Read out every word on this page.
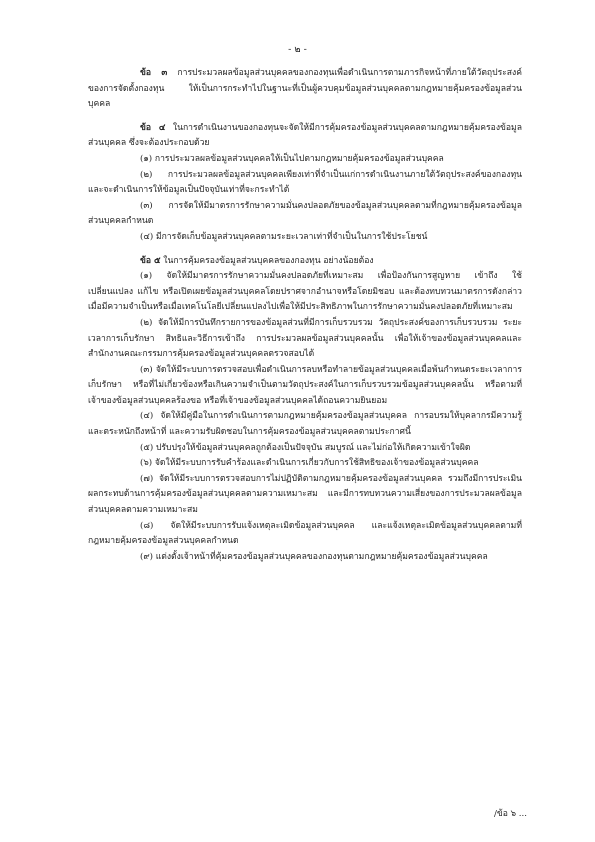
- ๒ -

ข้อ ๓ การประมวลผลข้อมูลส่วนบุคคลของกองทุนเพื่อดำเนินการตามภารกิจหน้าที่ภายใต้วัตถุประสงค์ของการจัดตั้งกองทุน ให้เป็นการกระทำไปในฐานะที่เป็นผู้ควบคุมข้อมูลส่วนบุคคลตามกฎหมายคุ้มครองข้อมูลส่วนบุคคล

ข้อ ๔ ในการดำเนินงานของกองทุนจะจัดให้มีการคุ้มครองข้อมูลส่วนบุคคลตามกฎหมายคุ้มครองข้อมูลส่วนบุคคล ซึ่งจะต้องประกอบด้วย

(๑) การประมวลผลข้อมูลส่วนบุคคลให้เป็นไปตามกฎหมายคุ้มครองข้อมูลส่วนบุคคล

(๒) การประมวลผลข้อมูลส่วนบุคคลเพียงเท่าที่จำเป็นแก่การดำเนินงานภายใต้วัตถุประสงค์ของกองทุน และจะดำเนินการให้ข้อมูลเป็นปัจจุบันเท่าที่จะกระทำได้

(๓) การจัดให้มีมาตรการรักษาความมั่นคงปลอดภัยของข้อมูลส่วนบุคคลตามที่กฎหมายคุ้มครองข้อมูลส่วนบุคคลกำหนด

(๔) มีการจัดเก็บข้อมูลส่วนบุคคลตามระยะเวลาเท่าที่จำเป็นในการใช้ประโยชน์

ข้อ ๕ ในการคุ้มครองข้อมูลส่วนบุคคลของกองทุน อย่างน้อยต้อง

(๑) จัดให้มีมาตรการรักษาความมั่นคงปลอดภัยที่เหมาะสม เพื่อป้องกันการสูญหาย เข้าถึง ใช้ เปลี่ยนแปลง แก้ไข หรือเปิดเผยข้อมูลส่วนบุคคลโดยปราศจากอำนาจหรือโดยมิชอบ และต้องทบทวนมาตรการดังกล่าวเมื่อมีความจำเป็นหรือเมื่อเทคโนโลยีเปลี่ยนแปลงไปเพื่อให้มีประสิทธิภาพในการรักษาความมั่นคงปลอดภัยที่เหมาะสม

(๒) จัดให้มีการบันทึกรายการของข้อมูลส่วนที่มีการเก็บรวบรวม วัตถุประสงค์ของการเก็บรวบรวม ระยะเวลาการเก็บรักษา สิทธิและวิธีการเข้าถึง การประมวลผลข้อมูลส่วนบุคคลนั้น เพื่อให้เจ้าของข้อมูลส่วนบุคคลและสำนักงานคณะกรรมการคุ้มครองข้อมูลส่วนบุคคลตรวจสอบได้

(๓) จัดให้มีระบบการตรวจสอบเพื่อดำเนินการลบหรือทำลายข้อมูลส่วนบุคคลเมื่อพ้นกำหนดระยะเวลาการเก็บรักษา หรือที่ไม่เกี่ยวข้องหรือเกินความจำเป็นตามวัตถุประสงค์ในการเก็บรวบรวมข้อมูลส่วนบุคคลนั้น หรือตามที่เจ้าของข้อมูลส่วนบุคคลร้องขอ หรือที่เจ้าของข้อมูลส่วนบุคคลได้ถอนความยินยอม

(๔) จัดให้มีคู่มือในการดำเนินการตามกฎหมายคุ้มครองข้อมูลส่วนบุคคล การอบรมให้บุคลากรมีความรู้และตระหนักถึงหน้าที่ และความรับผิดชอบในการคุ้มครองข้อมูลส่วนบุคคลตามประกาศนี้

(๕) ปรับปรุงให้ข้อมูลส่วนบุคคลถูกต้องเป็นปัจจุบัน สมบูรณ์ และไม่ก่อให้เกิดความเข้าใจผิด

(๖) จัดให้มีระบบการรับคำร้องและดำเนินการเกี่ยวกับการใช้สิทธิของเจ้าของข้อมูลส่วนบุคคล

(๗) จัดให้มีระบบการตรวจสอบการไม่ปฏิบัติตามกฎหมายคุ้มครองข้อมูลส่วนบุคคล รวมถึงมีการประเมินผลกระทบด้านการคุ้มครองข้อมูลส่วนบุคคลตามความเหมาะสม และมีการทบทวนความเสี่ยงของการประมวลผลข้อมูลส่วนบุคคลตามความเหมาะสม

(๘) จัดให้มีระบบการรับแจ้งเหตุละเมิดข้อมูลส่วนบุคคล และแจ้งเหตุละเมิดข้อมูลส่วนบุคคลตามที่กฎหมายคุ้มครองข้อมูลส่วนบุคคลกำหนด

(๙) แต่งตั้งเจ้าหน้าที่คุ้มครองข้อมูลส่วนบุคคลของกองทุนตามกฎหมายคุ้มครองข้อมูลส่วนบุคคล

/ข้อ ๖ ...
